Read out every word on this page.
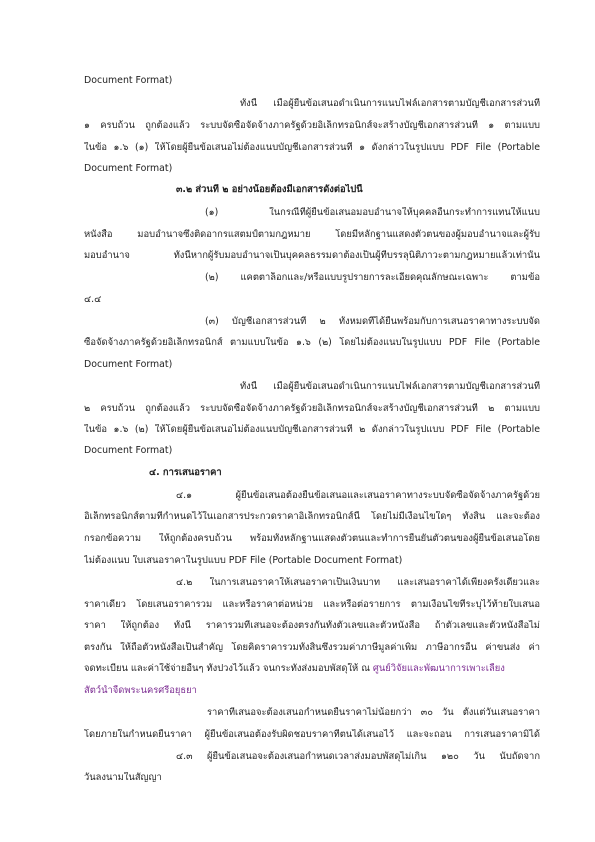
Document Format)
ทั้งนี้ เมื่อผู้ยื่นข้อเสนอดำเนินการแนบไฟล์เอกสารตามบัญชีเอกสารส่วนที่
๑ ครบถ้วน ถูกต้องแล้ว ระบบจัดซื้อจัดจ้างภาครัฐด้วยอิเล็กทรอนิกส์จะสร้างบัญชีเอกสารส่วนที่ ๑ ตามแบบ
ในข้อ ๑.๖ (๑) ให้โดยผู้ยื่นข้อเสนอไม่ต้องแนบบัญชีเอกสารส่วนที่ ๑ ดังกล่าวในรูปแบบ PDF File (Portable
Document Format)
๓.๒ ส่วนที่ ๒ อย่างน้อยต้องมีเอกสารดังต่อไปนี้
(๑) ในกรณีที่ผู้ยื่นข้อเสนอมอบอำนาจให้บุคคลอื่นกระทำการแทนให้แนบ
หนังสือ มอบอำนาจซึ่งติดอากรแสตมป์ตามกฎหมาย โดยมีหลักฐานแสดงตัวตนของผู้มอบอำนาจและผู้รับ
มอบอำนาจ ทั้งนี้หากผู้รับมอบอำนาจเป็นบุคคลธรรมดาต้องเป็นผู้ที่บรรลุนิติภาวะตามกฎหมายแล้วเท่านั้น
(๒) แคตตาล็อกและ/หรือแบบรูปรายการละเอียดคุณลักษณะเฉพาะ ตามข้อ
๔.๔
(๓) บัญชีเอกสารส่วนที่ ๒ ทั้งหมดที่ได้ยื่นพร้อมกับการเสนอราคาทางระบบจัด
ซื้อจัดจ้างภาครัฐด้วยอิเล็กทรอนิกส์ ตามแบบในข้อ ๑.๖ (๒) โดยไม่ต้องแนบในรูปแบบ PDF File (Portable
Document Format)
ทั้งนี้ เมื่อผู้ยื่นข้อเสนอดำเนินการแนบไฟล์เอกสารตามบัญชีเอกสารส่วนที่
๒ ครบถ้วน ถูกต้องแล้ว ระบบจัดซื้อจัดจ้างภาครัฐด้วยอิเล็กทรอนิกส์จะสร้างบัญชีเอกสารส่วนที่ ๒ ตามแบบ
ในข้อ ๑.๖ (๒) ให้โดยผู้ยื่นข้อเสนอไม่ต้องแนบบัญชีเอกสารส่วนที่ ๒ ดังกล่าวในรูปแบบ PDF File (Portable
Document Format)
๔. การเสนอราคา
๔.๑ ผู้ยื่นข้อเสนอต้องยื่นข้อเสนอและเสนอราคาทางระบบจัดซื้อจัดจ้างภาครัฐด้วย
อิเล็กทรอนิกส์ตามที่กำหนดไว้ในเอกสารประกวดราคาอิเล็กทรอนิกส์นี้ โดยไม่มีเงื่อนไขใดๆ ทั้งสิ้น และจะต้อง
กรอกข้อความ ให้ถูกต้องครบถ้วน พร้อมทั้งหลักฐานแสดงตัวตนและทำการยืนยันตัวตนของผู้ยื่นข้อเสนอโดย
ไม่ต้องแนบ ใบเสนอราคาในรูปแบบ PDF File (Portable Document Format)
๔.๒ ในการเสนอราคาให้เสนอราคาเป็นเงินบาท และเสนอราคาได้เพียงครั้งเดียวและ
ราคาเดียว โดยเสนอราคารวม และหรือราคาต่อหน่วย และหรือต่อรายการ ตามเงื่อนไขที่ระบุไว้ท้ายใบเสนอ
ราคา ให้ถูกต้อง ทั้งนี้ ราคารวมที่เสนอจะต้องตรงกันทั้งตัวเลขและตัวหนังสือ ถ้าตัวเลขและตัวหนังสือไม่
ตรงกัน ให้ถือตัวหนังสือเป็นสำคัญ โดยคิดราคารวมทั้งสิ้นซึ่งรวมค่าภาษีมูลค่าเพิ่ม ภาษีอากรอื่น ค่าขนส่ง ค่า
จดทะเบียน และค่าใช้จ่ายอื่นๆ ทั้งปวงไว้แล้ว จนกระทั่งส่งมอบพัสดุให้ ณ ศูนย์วิจัยและพัฒนาการเพาะเลี้ยง
สัตว์น้ำจืดพระนครศรีอยุธยา
ราคาที่เสนอจะต้องเสนอกำหนดยืนราคาไม่น้อยกว่า ๓๐ วัน ตั้งแต่วันเสนอราคา
โดยภายในกำหนดยืนราคา ผู้ยื่นข้อเสนอต้องรับผิดชอบราคาที่ตนได้เสนอไว้ และจะถอน การเสนอราคามิได้
๔.๓ ผู้ยื่นข้อเสนอจะต้องเสนอกำหนดเวลาส่งมอบพัสดุไม่เกิน ๑๒๐ วัน นับถัดจาก
วันลงนามในสัญญา
